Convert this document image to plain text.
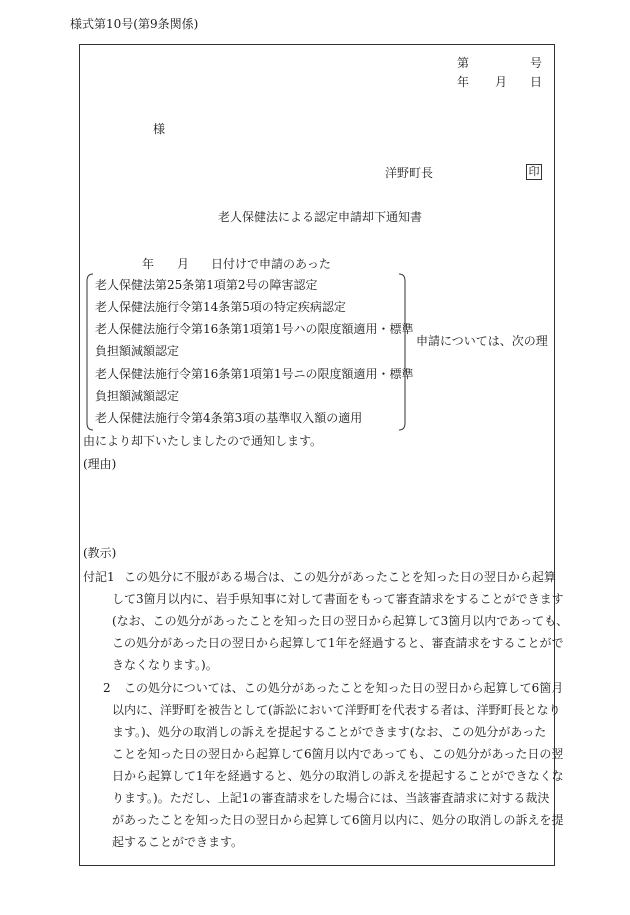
様式第10号(第9条関係)
第	号
年 月 日
様
洋野町長	印
老人保健法による認定申請却下通知書
年 月 日付けで申請のあった
老人保健法第25条第1項第2号の障害認定
老人保健法施行令第14条第5項の特定疾病認定
老人保健法施行令第16条第1項第1号ハの限度額適用・標準
負担額減額認定
老人保健法施行令第16条第1項第1号ニの限度額適用・標準
負担額減額認定
老人保健法施行令第4条第3項の基準収入額の適用
申請については、次の理
由により却下いたしましたので通知します。
(理由)
(教示)
付記1 この処分に不服がある場合は、この処分があったことを知った日の翌日から起算
して3箇月以内に、岩手県知事に対して書面をもって審査請求をすることができます
(なお、この処分があったことを知った日の翌日から起算して3箇月以内であっても、
この処分があった日の翌日から起算して1年を経過すると、審査請求をすることがで
きなくなります。)。
2 この処分については、この処分があったことを知った日の翌日から起算して6箇月
以内に、洋野町を被告として(訴訟において洋野町を代表する者は、洋野町長となり
ます。)、処分の取消しの訴えを提起することができます(なお、この処分があった
ことを知った日の翌日から起算して6箇月以内であっても、この処分があった日の翌
日から起算して1年を経過すると、処分の取消しの訴えを提起することができなくな
ります。)。ただし、上記1の審査請求をした場合には、当該審査請求に対する裁決
があったことを知った日の翌日から起算して6箇月以内に、処分の取消しの訴えを提
起することができます。
